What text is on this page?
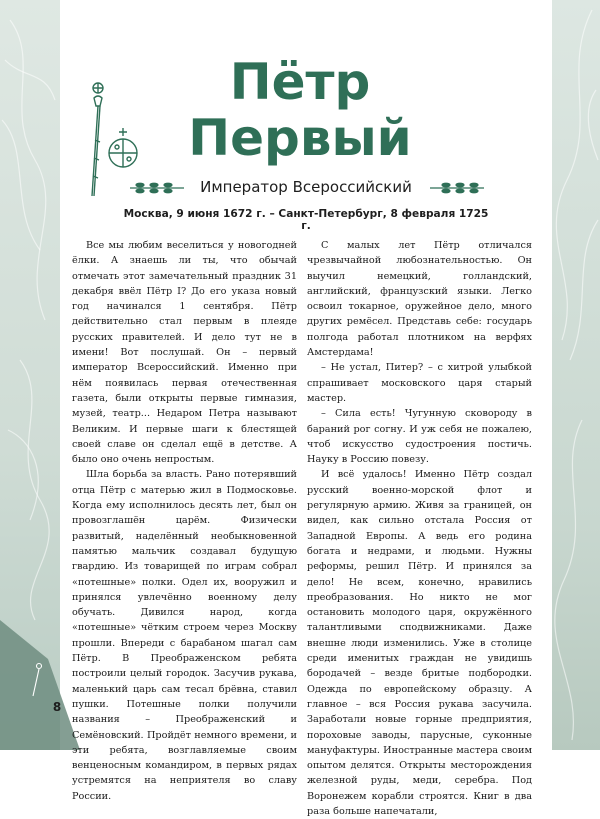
Пётр
Первый
Император Всероссийский
Москва, 9 июня 1672 г. – Санкт-Петербург, 8 февраля 1725 г.

Все мы любим веселиться у новогодней ёлки. А знаешь ли ты, что обычай отмечать этот замечательный праздник 31 декабря ввёл Пётр I? До его указа новый год начинался 1 сентября. Пётр действительно стал первым в плеяде русских правителей. И дело тут не в имени! Вот послушай. Он – первый император Всероссийский. Именно при нём появилась первая отечественная газета, были открыты первые гимназия, музей, театр... Недаром Петра называют Великим. И первые шаги к блестящей своей славе он сделал ещё в детстве. А было оно очень непростым.

Шла борьба за власть. Рано потерявший отца Пётр с матерью жил в Подмосковье. Когда ему исполнилось десять лет, был он провозглашён царём. Физически развитый, наделённый необыкновенной памятью мальчик создавал будущую гвардию. Из товарищей по играм собрал «потешные» полки. Одел их, вооружил и принялся увлечённо военному делу обучать. Дивился народ, когда «потешные» чётким строем через Москву прошли. Впереди с барабаном шагал сам Пётр. В Преображенском ребята построили целый городок. Засучив рукава, маленький царь сам тесал брёвна, ставил пушки. Потешные полки получили названия – Преображенский и Семёновский. Пройдёт немного времени, и эти ребята, возглавляемые своим венценосным командиром, в первых рядах устремятся на неприятеля во славу России.

С малых лет Пётр отличался чрезвычайной любознательностью. Он выучил немецкий, голландский, английский, французский языки. Легко освоил токарное, оружейное дело, много других ремёсел. Представь себе: государь полгода работал плотником на верфях Амстердама!

– Не устал, Питер? – с хитрой улыбкой спрашивает московского царя старый мастер.

– Сила есть! Чугунную сковороду в бараний рог согну. И уж себя не пожалею, чтоб искусство судостроения постичь. Науку в Россию повезу.

И всё удалось! Именно Пётр создал русский военно-морской флот и регулярную армию. Живя за границей, он видел, как сильно отстала Россия от Западной Европы. А ведь его родина богата и недрами, и людьми. Нужны реформы, решил Пётр. И принялся за дело! Не всем, конечно, нравились преобразования. Но никто не мог остановить молодого царя, окружённого талантливыми сподвижниками. Даже внешне люди изменились. Уже в столице среди именитых граждан не увидишь бородачей – везде бритые подбородки. Одежда по европейскому образцу. А главное – вся Россия рукава засучила. Заработали новые горные предприятия, пороховые заводы, парусные, суконные мануфактуры. Иностранные мастера своим опытом делятся. Открыты месторождения железной руды, меди, серебра. Под Воронежем корабли строятся. Книг в два раза больше напечатали,

8
